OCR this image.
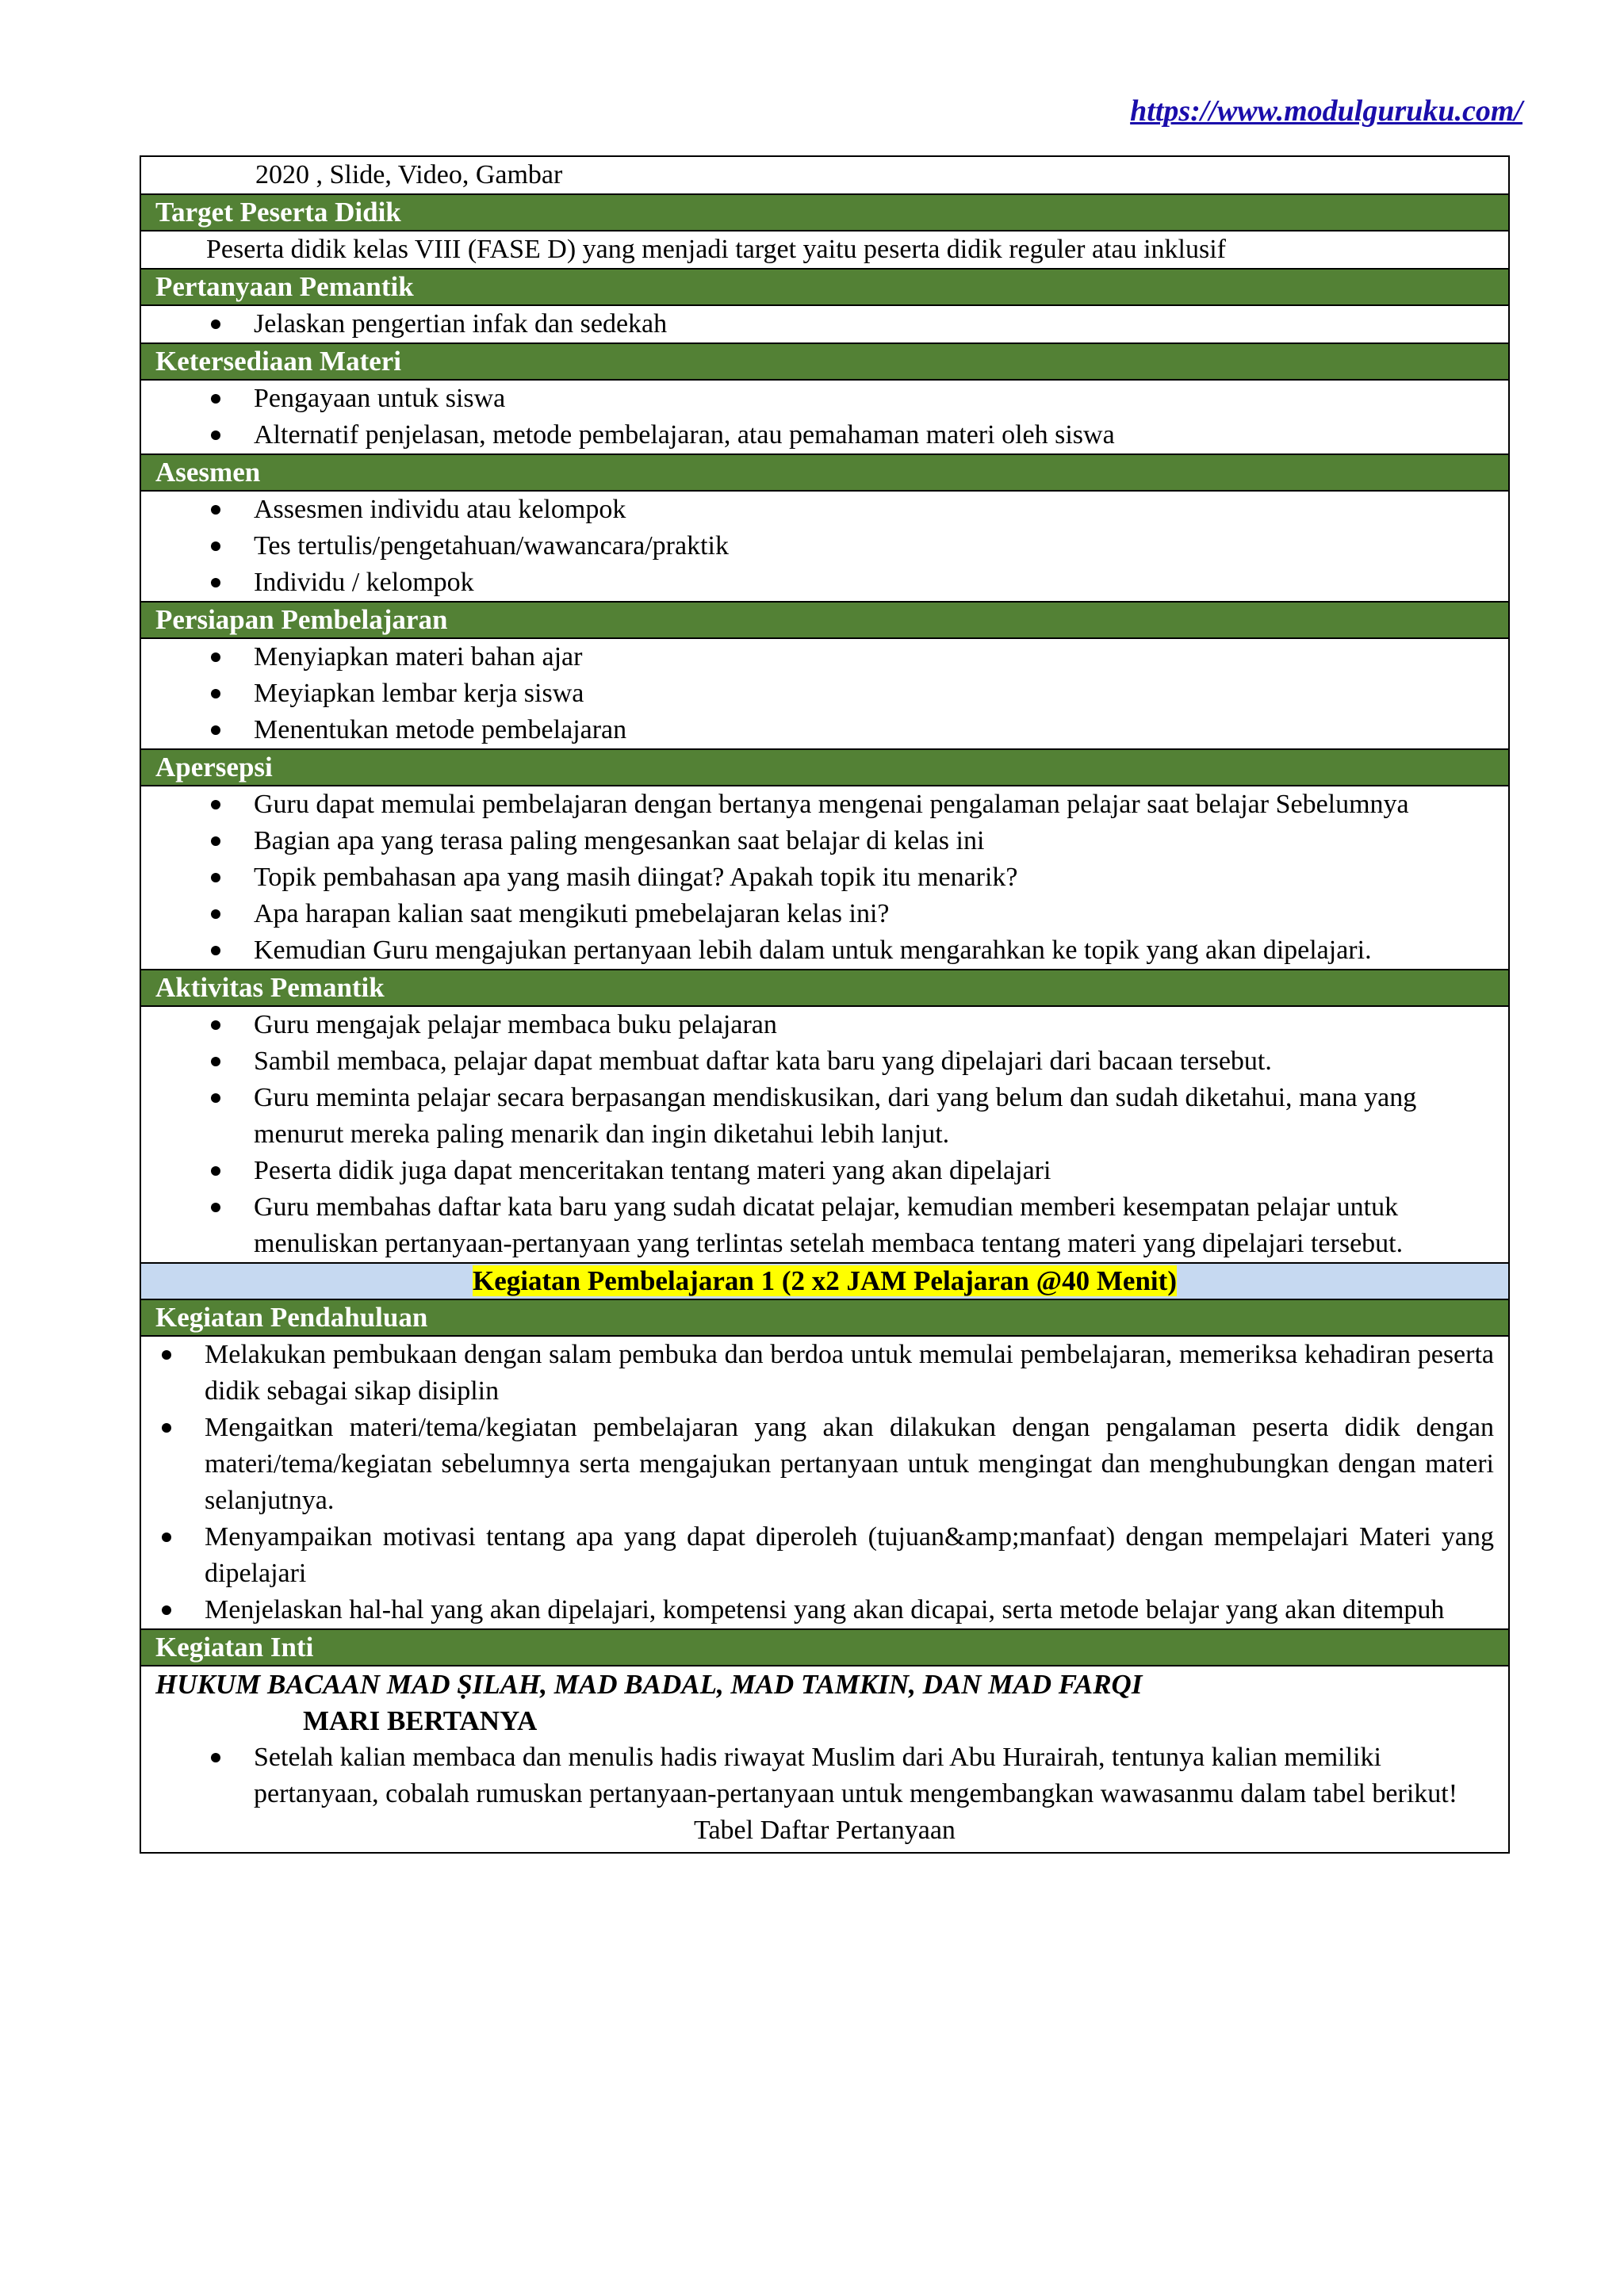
https://www.modulguruku.com/
2020 , Slide, Video, Gambar
Target Peserta Didik
Peserta didik kelas VIII (FASE D) yang menjadi target yaitu peserta didik reguler atau inklusif
Pertanyaan Pemantik
Jelaskan pengertian infak dan sedekah
Ketersediaan Materi
Pengayaan untuk siswa
Alternatif penjelasan, metode pembelajaran, atau pemahaman materi oleh siswa
Asesmen
Assesmen individu atau kelompok
Tes tertulis/pengetahuan/wawancara/praktik
Individu / kelompok
Persiapan Pembelajaran
Menyiapkan materi bahan ajar
Meyiapkan lembar kerja siswa
Menentukan metode pembelajaran
Apersepsi
Guru dapat memulai pembelajaran dengan bertanya mengenai pengalaman pelajar saat belajar Sebelumnya
Bagian apa yang terasa paling mengesankan saat belajar di kelas ini
Topik pembahasan apa yang masih diingat? Apakah topik itu menarik?
Apa harapan kalian saat mengikuti pmebelajaran kelas ini?
Kemudian Guru mengajukan pertanyaan lebih dalam untuk mengarahkan ke topik yang akan dipelajari.
Aktivitas Pemantik
Guru mengajak pelajar membaca buku pelajaran
Sambil membaca, pelajar dapat membuat daftar kata baru yang dipelajari dari bacaan tersebut.
Guru meminta pelajar secara berpasangan mendiskusikan, dari yang belum dan sudah diketahui, mana yang menurut mereka paling menarik dan ingin diketahui lebih lanjut.
Peserta didik juga dapat menceritakan tentang materi yang akan dipelajari
Guru membahas daftar kata baru yang sudah dicatat pelajar, kemudian memberi kesempatan pelajar untuk menuliskan pertanyaan-pertanyaan yang terlintas setelah membaca tentang materi yang dipelajari tersebut.
Kegiatan Pembelajaran 1 (2 x2 JAM Pelajaran @40 Menit)
Kegiatan Pendahuluan
Melakukan pembukaan dengan salam pembuka dan berdoa untuk memulai pembelajaran, memeriksa kehadiran peserta didik sebagai sikap disiplin
Mengaitkan materi/tema/kegiatan pembelajaran yang akan dilakukan dengan pengalaman peserta didik dengan materi/tema/kegiatan sebelumnya serta mengajukan pertanyaan untuk mengingat dan menghubungkan dengan materi selanjutnya.
Menyampaikan motivasi tentang apa yang dapat diperoleh (tujuan&amp;manfaat) dengan mempelajari Materi yang dipelajari
Menjelaskan hal-hal yang akan dipelajari, kompetensi yang akan dicapai, serta metode belajar yang akan ditempuh
Kegiatan Inti
HUKUM BACAAN MAD ṢILAH, MAD BADAL, MAD TAMKIN, DAN MAD FARQI
MARI BERTANYA
Setelah kalian membaca dan menulis hadis riwayat Muslim dari Abu Hurairah, tentunya kalian memiliki pertanyaan, cobalah rumuskan pertanyaan-pertanyaan untuk mengembangkan wawasanmu dalam tabel berikut!
Tabel Daftar Pertanyaan
